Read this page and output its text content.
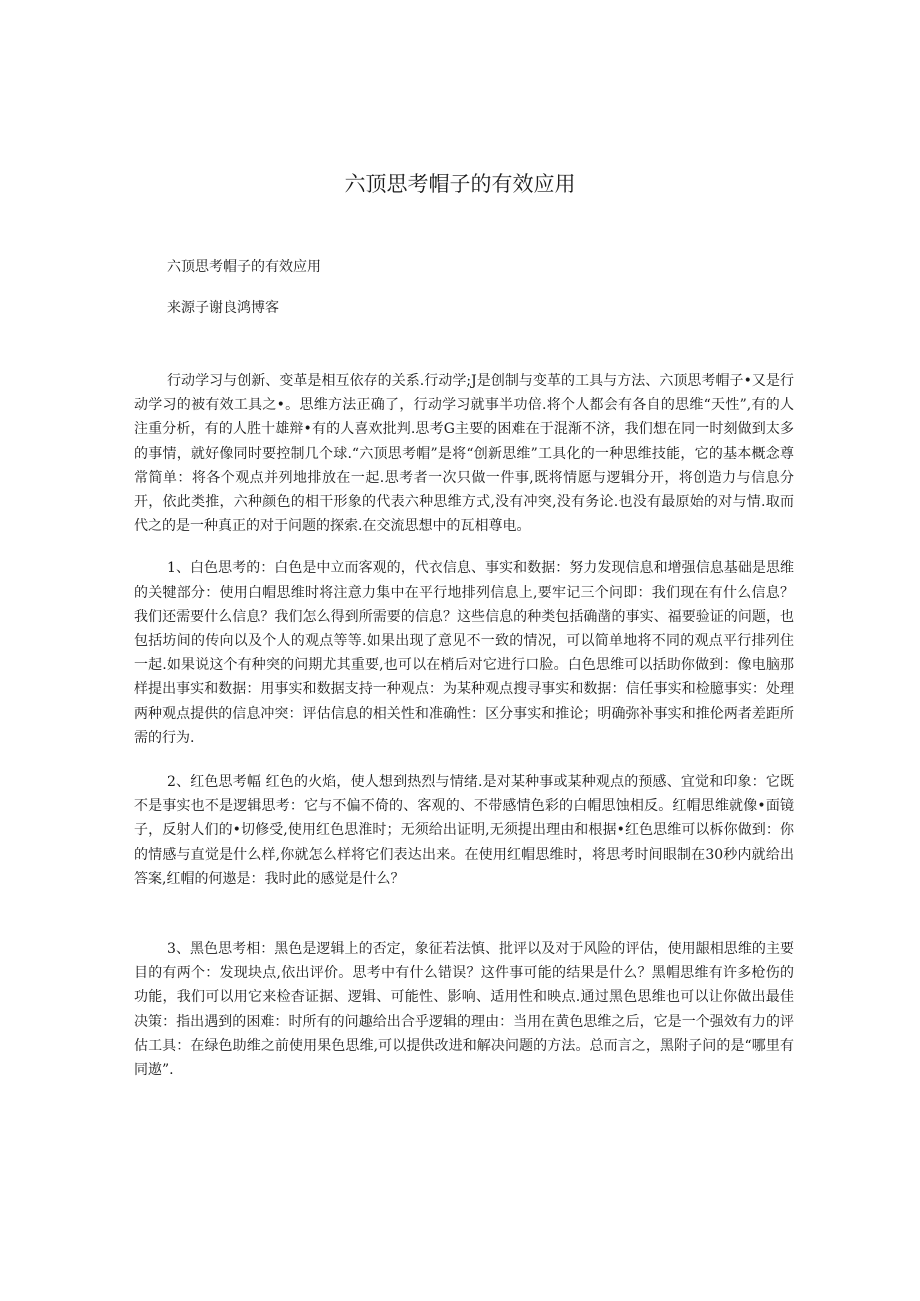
六顶思考帽子的有效应用

六顶思考帽子的有效应用

来源子谢良鸿博客

行动学习与创新、变革是相互依存的关系.行动学;J是创制与变革的工具与方法、六顶思考帽子•又是行动学习的被有效工具之•。思维方法正确了，行动学习就事半功倍.将个人都会有各自的思维“天性”,有的人注重分析，有的人胜十雄辩•有的人喜欢批判.思考G主要的困难在于混渐不济，我们想在同一时刻做到太多的事情，就好像同时要控制几个球.“六顶思考帽”是将“创新思维”工具化的一种思维技能，它的基本概念尊常简单：将各个观点并列地排放在一起.思考者一次只做一件事,既将情愿与逻辑分开，将创造力与信息分开，依此类推，六种颜色的相干形象的代表六种思维方式,没有冲突,没有务论.也没有最原始的对与情.取而代之的是一种真正的对于问题的探索.在交流思想中的瓦相尊电。

1、白色思考的：白色是中立而客观的，代衣信息、事实和数据：努力发现信息和增强信息基础是思维的关犍部分：使用白帽思维时将注意力集中在平行地排列信息上,要牢记三个问即：我们现在有什么信息？我们还需要什么信息？我们怎么得到所需要的信息？这些信息的种类包括确凿的事实、福要验证的问题，也包括坊间的传向以及个人的观点等等.如果出现了意见不一致的情况，可以简单地将不同的观点平行排列住一起.如果说这个有种突的问期尤其重要,也可以在梢后对它进行口脸。白色思维可以括助你做到：像电脑那样提出事实和数据：用事实和数据支持一种观点：为某种观点搜寻事实和数据：信任事实和检臆事实：处理两种观点提供的信息冲突：评估信息的相关性和准确性：区分事实和推论；明确弥补事实和推伦两者差距所需的行为.

2、红色思考幅 红色的火焰，使人想到热烈与情绪.是对某种事或某种观点的预感、宜觉和印象：它既不是事实也不是逻辑思考：它与不偏不倚的、客观的、不带感情色彩的白帽思蚀相反。红帽思维就像•面镜子，反射人们的•切修受,使用红色思淮时；无须给出证明,无须提出理由和根据•红色思维可以柝你做到：你的情感与直觉是什么样,你就怎么样将它们表达出来。在使用红帽思维时，将思考时间眼制在30秒内就给出答案,红帽的何遨是：我时此的感觉是什么？

3、黑色思考相：黑色是逻辑上的否定，象征若法慎、批评以及对于风险的评估，使用龈相思维的主要目的有两个：发现块点,依出评价。思考中有什么错误？这件事可能的结果是什么？黑帽思维有许多枪伤的功能，我们可以用它来检杳证据、逻辑、可能性、影响、适用性和映点.通过黑色思维也可以让你做出最佳决策：指出遇到的困难：时所有的问趣给出合乎逻辑的理由：当用在黄色思维之后，它是一个强效有力的评估工具：在绿色助维之前使用果色思维,可以提供改进和解决问题的方法。总而言之，黑附子问的是“哪里有同遨”.
